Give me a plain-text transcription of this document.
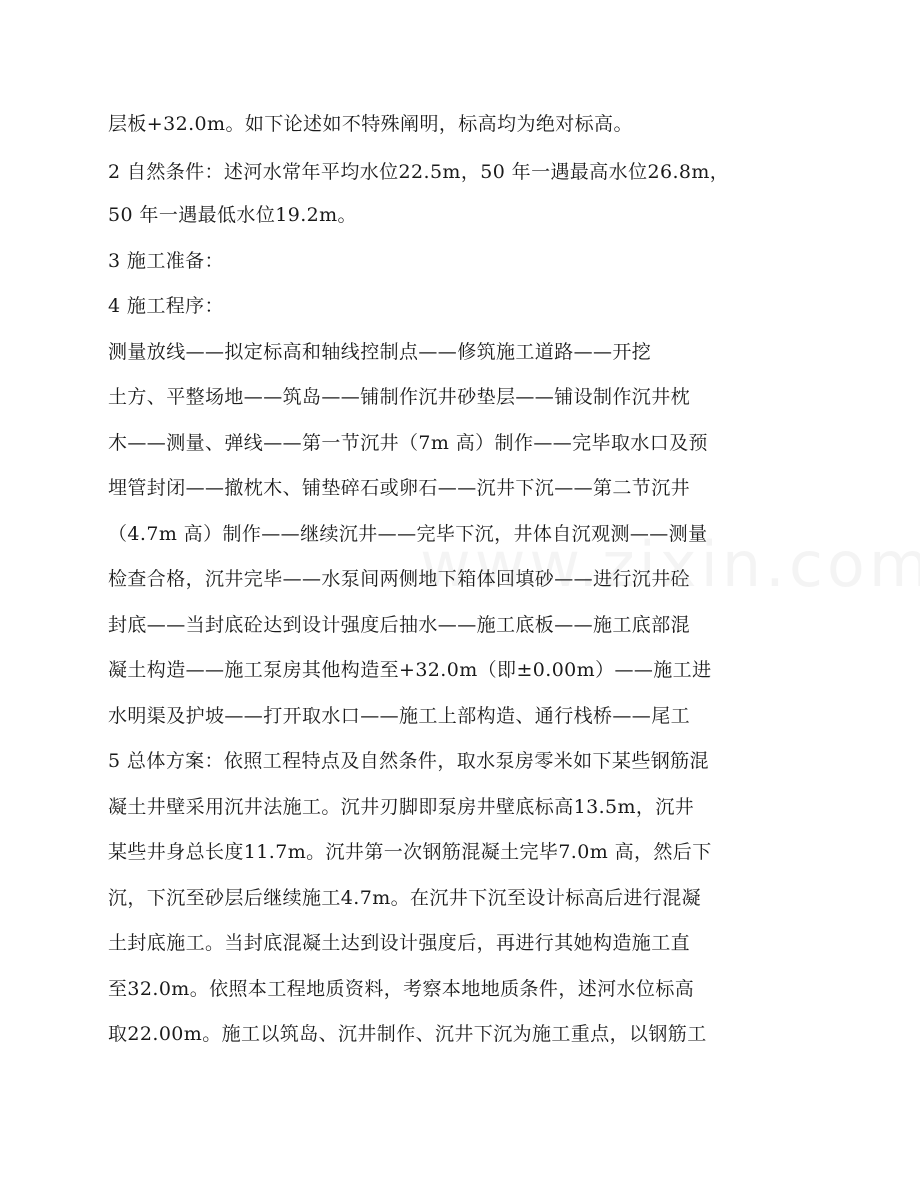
层板+32.0m。如下论述如不特殊阐明，标高均为绝对标高。
2 自然条件：述河水常年平均水位22.5m，50 年一遇最高水位26.8m，
50 年一遇最低水位19.2m。
3 施工准备：
4 施工程序：
测量放线——拟定标高和轴线控制点——修筑施工道路——开挖
土方、平整场地——筑岛——铺制作沉井砂垫层——铺设制作沉井枕
木——测量、弹线——第一节沉井（7m 高）制作——完毕取水口及预
埋管封闭——撤枕木、铺垫碎石或卵石——沉井下沉——第二节沉井
（4.7m 高）制作——继续沉井——完毕下沉，井体自沉观测——测量
检查合格，沉井完毕——水泵间两侧地下箱体回填砂——进行沉井砼
封底——当封底砼达到设计强度后抽水——施工底板——施工底部混
凝土构造——施工泵房其他构造至+32.0m（即±0.00m）——施工进
水明渠及护坡——打开取水口——施工上部构造、通行栈桥——尾工
5 总体方案：依照工程特点及自然条件，取水泵房零米如下某些钢筋混
凝土井壁采用沉井法施工。沉井刃脚即泵房井壁底标高13.5m，沉井
某些井身总长度11.7m。沉井第一次钢筋混凝土完毕7.0m 高，然后下
沉，下沉至砂层后继续施工4.7m。在沉井下沉至设计标高后进行混凝
土封底施工。当封底混凝土达到设计强度后，再进行其她构造施工直
至32.0m。依照本工程地质资料，考察本地地质条件，述河水位标高
取22.00m。施工以筑岛、沉井制作、沉井下沉为施工重点，以钢筋工
